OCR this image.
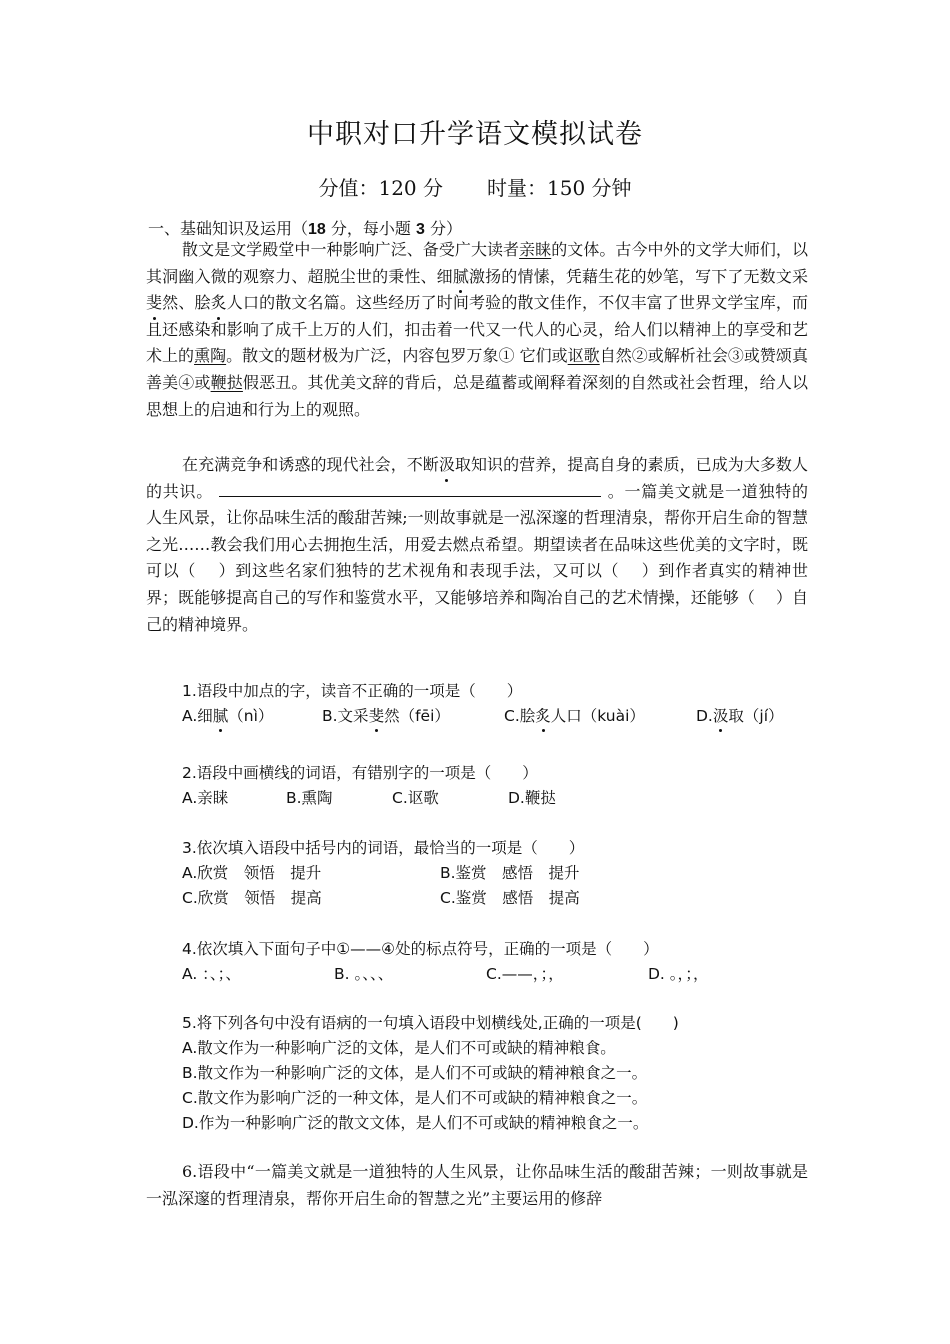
中职对口升学语文模拟试卷
分值：120 分 时量：150 分钟
一、基础知识及运用（18 分，每小题 3 分）
散文是文学殿堂中一种影响广泛、备受广大读者亲睐的文体。古今中外的文学大师们，以其洞幽入微的观察力、超脱尘世的秉性、细腻激扬的情愫，凭藉生花的妙笔，写下了无数文采斐然、脍炙人口的散文名篇。这些经历了时间考验的散文佳作，不仅丰富了世界文学宝库，而且还感染和影响了成千上万的人们，扣击着一代又一代人的心灵，给人们以精神上的享受和艺术上的熏陶。散文的题材极为广泛，内容包罗万象① 它们或讴歌自然②或解析社会③或赞颂真善美④或鞭挞假恶丑。其优美文辞的背后，总是蕴蓄或阐释着深刻的自然或社会哲理，给人以思想上的启迪和行为上的观照。
在充满竞争和诱惑的现代社会，不断汲取知识的营养，提高自身的素质，已成为大多数人的共识。	。一篇美文就是一道独特的人生风景，让你品味生活的酸甜苦辣;一则故事就是一泓深邃的哲理清泉，帮你开启生命的智慧之光……教会我们用心去拥抱生活，用爱去燃点希望。期望读者在品味这些优美的文字时，既可以（　 ）到这些名家们独特的艺术视角和表现手法，又可以（　 ）到作者真实的精神世界；既能够提高自己的写作和鉴赏水平，又能够培养和陶冶自己的艺术情操，还能够（　 ）自己的精神境界。
1.语段中加点的字，读音不正确的一项是（　　）
A.细腻（nì）	B.文采斐然（fēi）	C.脍炙人口（kuài）	D.汲取（jí）
2.语段中画横线的词语，有错别字的一项是（　　）
A.亲睐	B.熏陶	C.讴歌	D.鞭挞
3.依次填入语段中括号内的词语，最恰当的一项是（　　）
A.欣赏　领悟　提升	B.鉴赏　感悟　提升
C.欣赏　领悟　提高	C.鉴赏　感悟　提高
4.依次填入下面句子中①——④处的标点符号，正确的一项是（　　）
A. ：、；、	B. 。、、、	C.——，；，	D. 。，；，
5.将下列各句中没有语病的一句填入语段中划横线处,正确的一项是(　　)
A.散文作为一种影响广泛的文体，是人们不可或缺的精神粮食。
B.散文作为一种影响广泛的文体，是人们不可或缺的精神粮食之一。
C.散文作为影响广泛的一种文体，是人们不可或缺的精神粮食之一。
D.作为一种影响广泛的散文文体，是人们不可或缺的精神粮食之一。
6.语段中“一篇美文就是一道独特的人生风景，让你品味生活的酸甜苦辣；一则故事就是一泓深邃的哲理清泉，帮你开启生命的智慧之光”主要运用的修辞
